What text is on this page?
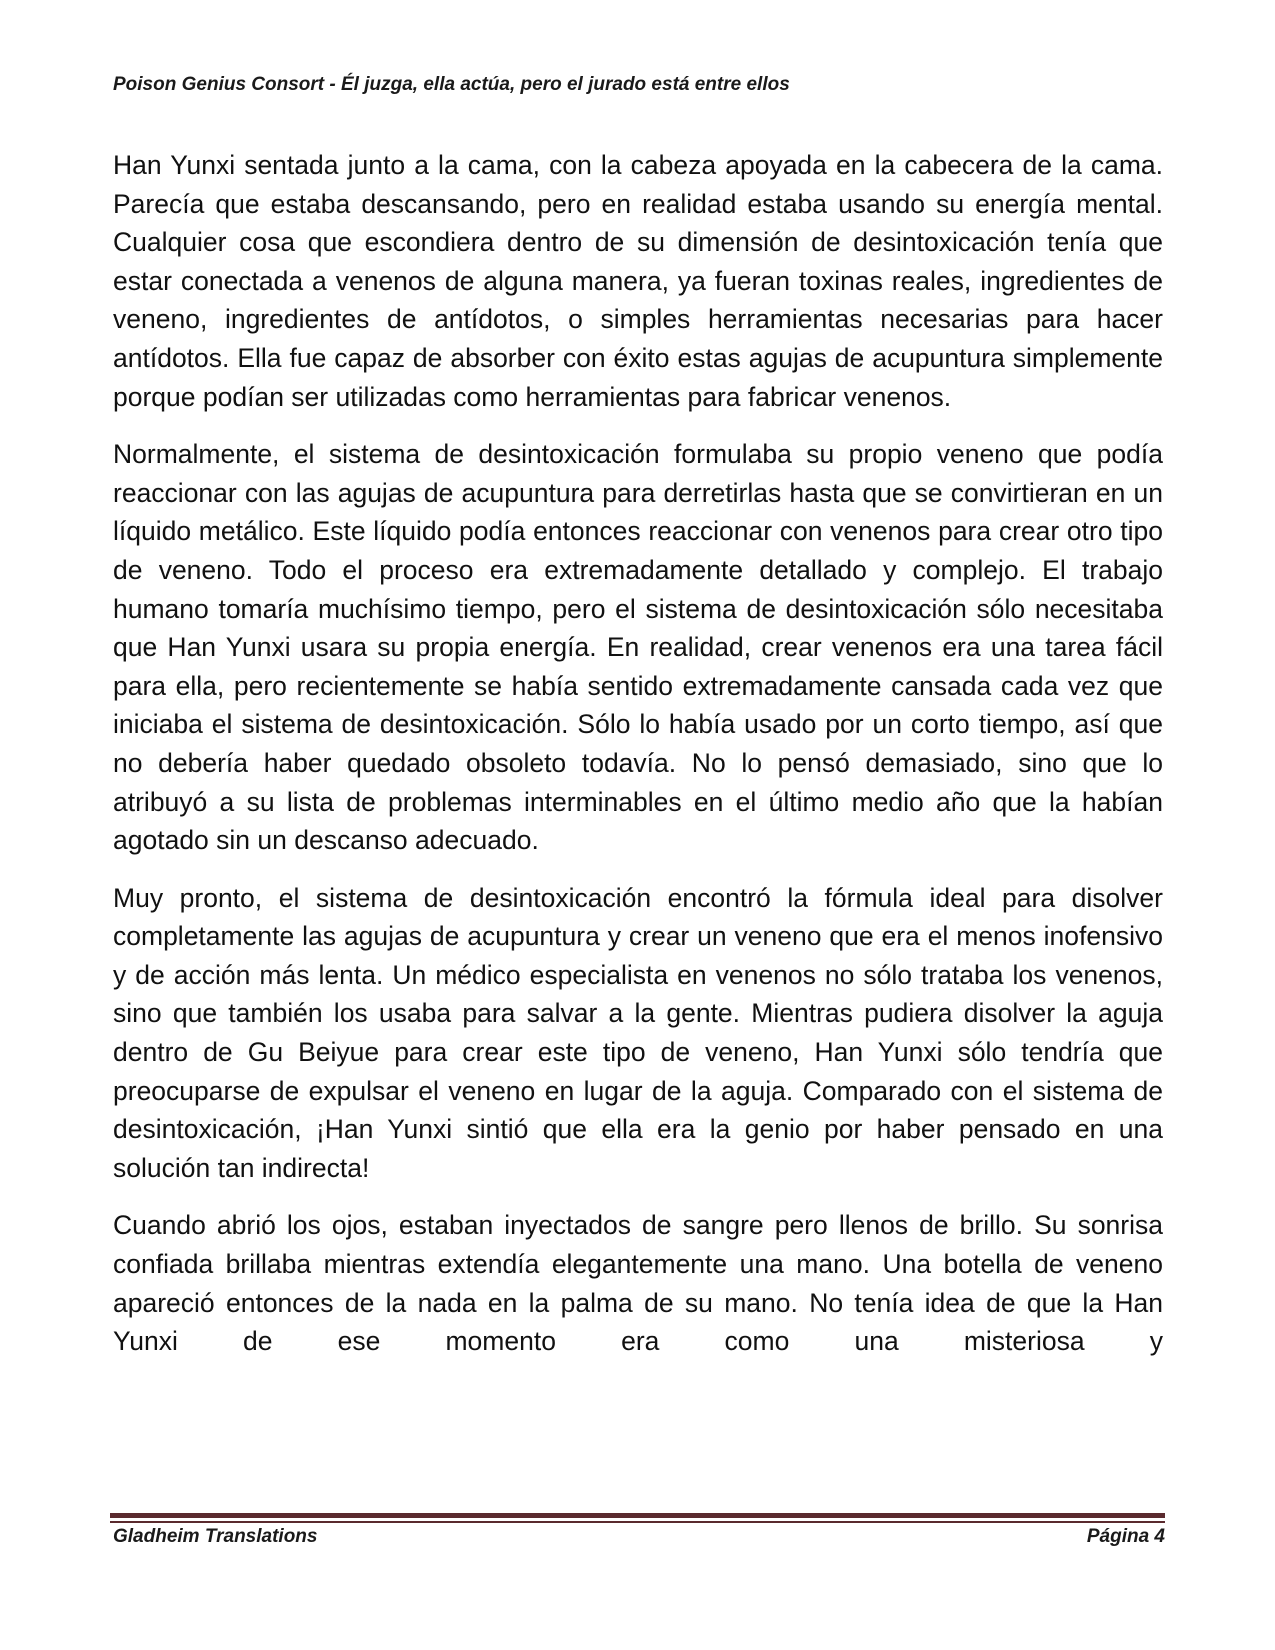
Poison Genius Consort - Él juzga, ella actúa, pero el jurado está entre ellos

Han Yunxi sentada junto a la cama, con la cabeza apoyada en la cabecera de la cama. Parecía que estaba descansando, pero en realidad estaba usando su energía mental. Cualquier cosa que escondiera dentro de su dimensión de desintoxicación tenía que estar conectada a venenos de alguna manera, ya fueran toxinas reales, ingredientes de veneno, ingredientes de antídotos, o simples herramientas necesarias para hacer antídotos. Ella fue capaz de absorber con éxito estas agujas de acupuntura simplemente porque podían ser utilizadas como herramientas para fabricar venenos.

Normalmente, el sistema de desintoxicación formulaba su propio veneno que podía reaccionar con las agujas de acupuntura para derretirlas hasta que se convirtieran en un líquido metálico. Este líquido podía entonces reaccionar con venenos para crear otro tipo de veneno. Todo el proceso era extremadamente detallado y complejo. El trabajo humano tomaría muchísimo tiempo, pero el sistema de desintoxicación sólo necesitaba que Han Yunxi usara su propia energía. En realidad, crear venenos era una tarea fácil para ella, pero recientemente se había sentido extremadamente cansada cada vez que iniciaba el sistema de desintoxicación. Sólo lo había usado por un corto tiempo, así que no debería haber quedado obsoleto todavía. No lo pensó demasiado, sino que lo atribuyó a su lista de problemas interminables en el último medio año que la habían agotado sin un descanso adecuado.

Muy pronto, el sistema de desintoxicación encontró la fórmula ideal para disolver completamente las agujas de acupuntura y crear un veneno que era el menos inofensivo y de acción más lenta. Un médico especialista en venenos no sólo trataba los venenos, sino que también los usaba para salvar a la gente. Mientras pudiera disolver la aguja dentro de Gu Beiyue para crear este tipo de veneno, Han Yunxi sólo tendría que preocuparse de expulsar el veneno en lugar de la aguja. Comparado con el sistema de desintoxicación, ¡Han Yunxi sintió que ella era la genio por haber pensado en una solución tan indirecta!

Cuando abrió los ojos, estaban inyectados de sangre pero llenos de brillo. Su sonrisa confiada brillaba mientras extendía elegantemente una mano. Una botella de veneno apareció entonces de la nada en la palma de su mano. No tenía idea de que la Han Yunxi de ese momento era como una misteriosa y

Gladheim Translations	Página 4
